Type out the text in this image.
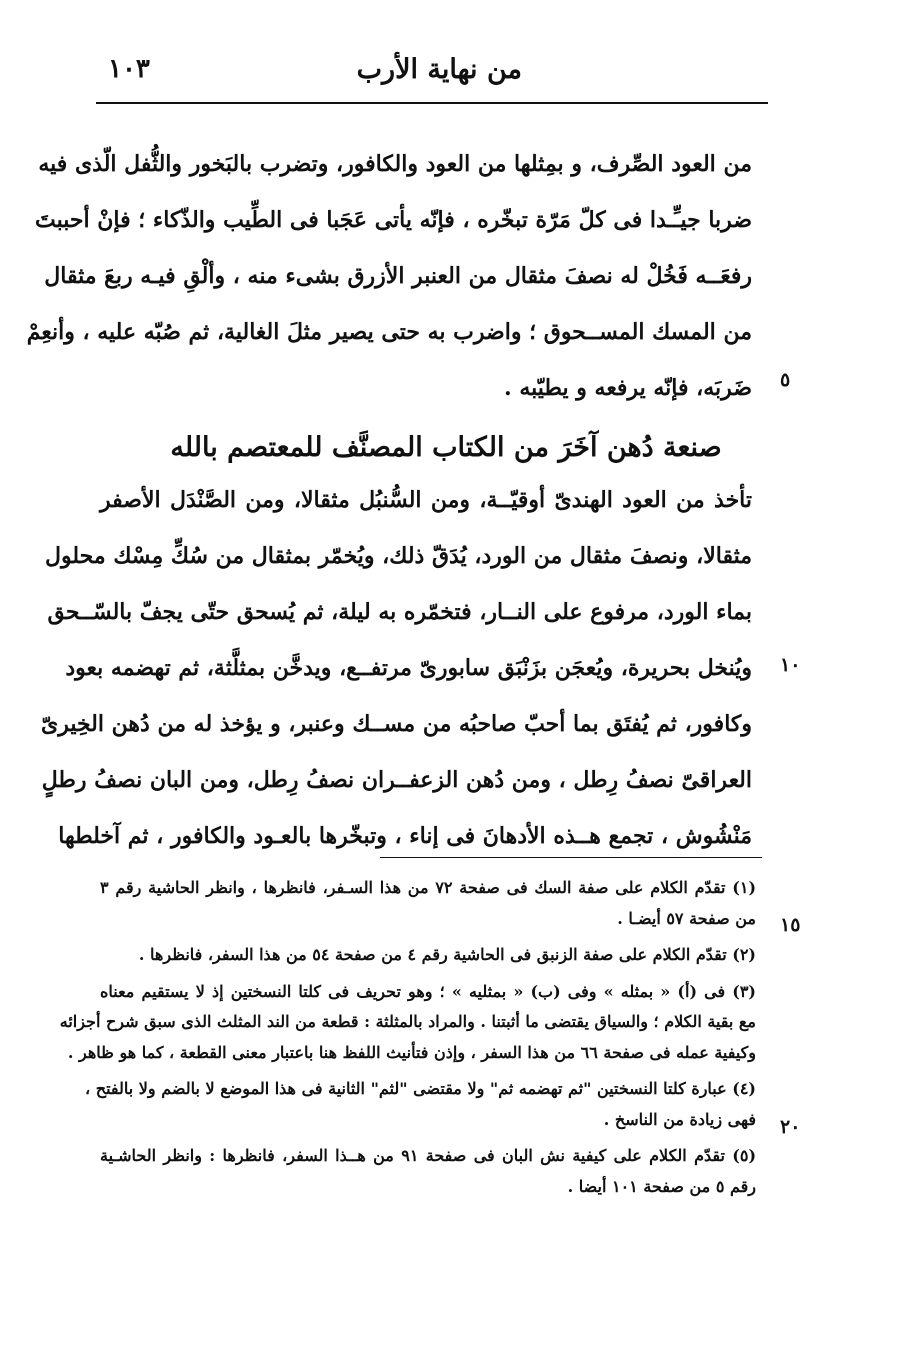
من نهاية الأرب
١٠٣
من العود الصِّرف، و بمِثلها من العود والكافور، وتضرب بالبَخور والثُّفل الّذى فيه
ضربا جيـِّـدا فى كلّ مَرّة تبخّره ، فإنّه يأتى عَجَبا فى الطِّيب والذّكاء ؛ فإنْ أحببتَ
رفعَــه فَخُلْ له نصفَ مثقال من العنبر الأزرق بشىء منه ، وألْقِ فيـه ربعَ مثقال
من المسك المســحوق ؛ واضرب به حتى يصير مثلَ الغالية، ثم صُبّه عليه ، وأنعِمْ
ضَربَه، فإنّه يرفعه و يطيّبه .
صنعة دُهن آخَرَ من الكتاب المصنَّف للمعتصم بالله
تأخذ من العود الهندىّ أوقيّــة، ومن السُّنبُل مثقالا، ومن الصَّنْدَل الأصفر
مثقالا، ونصفَ مثقال من الورد، يُدَقّ ذلك، ويُخمّر بمثقال من سُكِّ مِسْك محلول
بماء الورد، مرفوع على النــار، فتخمّره به ليلة، ثم يُسحق حتّى يجفّ بالسّــحق
ويُنخل بحريرة، ويُعجَن بزَنْبَق سابورىّ مرتفــع، ويدخَّن بمثلَّثة، ثم تهضمه بعود
وكافور، ثم يُفتَق بما أحبّ صاحبُه من مســك وعنبر، و يؤخذ له من دُهن الخِيرىّ
العراقىّ نصفُ رِطل ، ومن دُهن الزعفــران نصفُ رِطل، ومن البان نصفُ رطلٍ
مَنْشُوش ، تجمع هــذه الأدهانَ فى إناء ، وتبخّرها بالعـود والكافور ، ثم آخلطها
٥
١٠
١٥
٢٠
(١) تقدّم الكلام على صفة السك فى صفحة ٧٢ من هذا السـفر، فانظرها ، وانظر الحاشية رقم ٣
من صفحة ٥٧ أيضـا .
(٢) تقدّم الكلام على صفة الزنبق فى الحاشية رقم ٤ من صفحة ٥٤ من هذا السفر، فانظرها .
(٣) فى (أ) « بمثله » وفى (ب) « بمثليه » ؛ وهو تحريف فى كلتا النسختين إذ لا يستقيم معناه
مع بقية الكلام ؛ والسياق يقتضى ما أثبتنا . والمراد بالمثلثة : قطعة من الند المثلث الذى سبق شرح أجزائه
وكيفية عمله فى صفحة ٦٦ من هذا السفر ، وإذن فتأنيث اللفظ هنا باعتبار معنى القطعة ، كما هو ظاهر .
(٤) عبارة كلتا النسختين "ثم تهضمه ثم" ولا مقتضى "لثم" الثانية فى هذا الموضع لا بالضم ولا بالفتح ،
فهى زيادة من الناسخ .
(٥) تقدّم الكلام على كيفية نش البان فى صفحة ٩١ من هــذا السفر، فانظرها : وانظر الحاشـية
رقم ٥ من صفحة ١٠١ أيضا .
